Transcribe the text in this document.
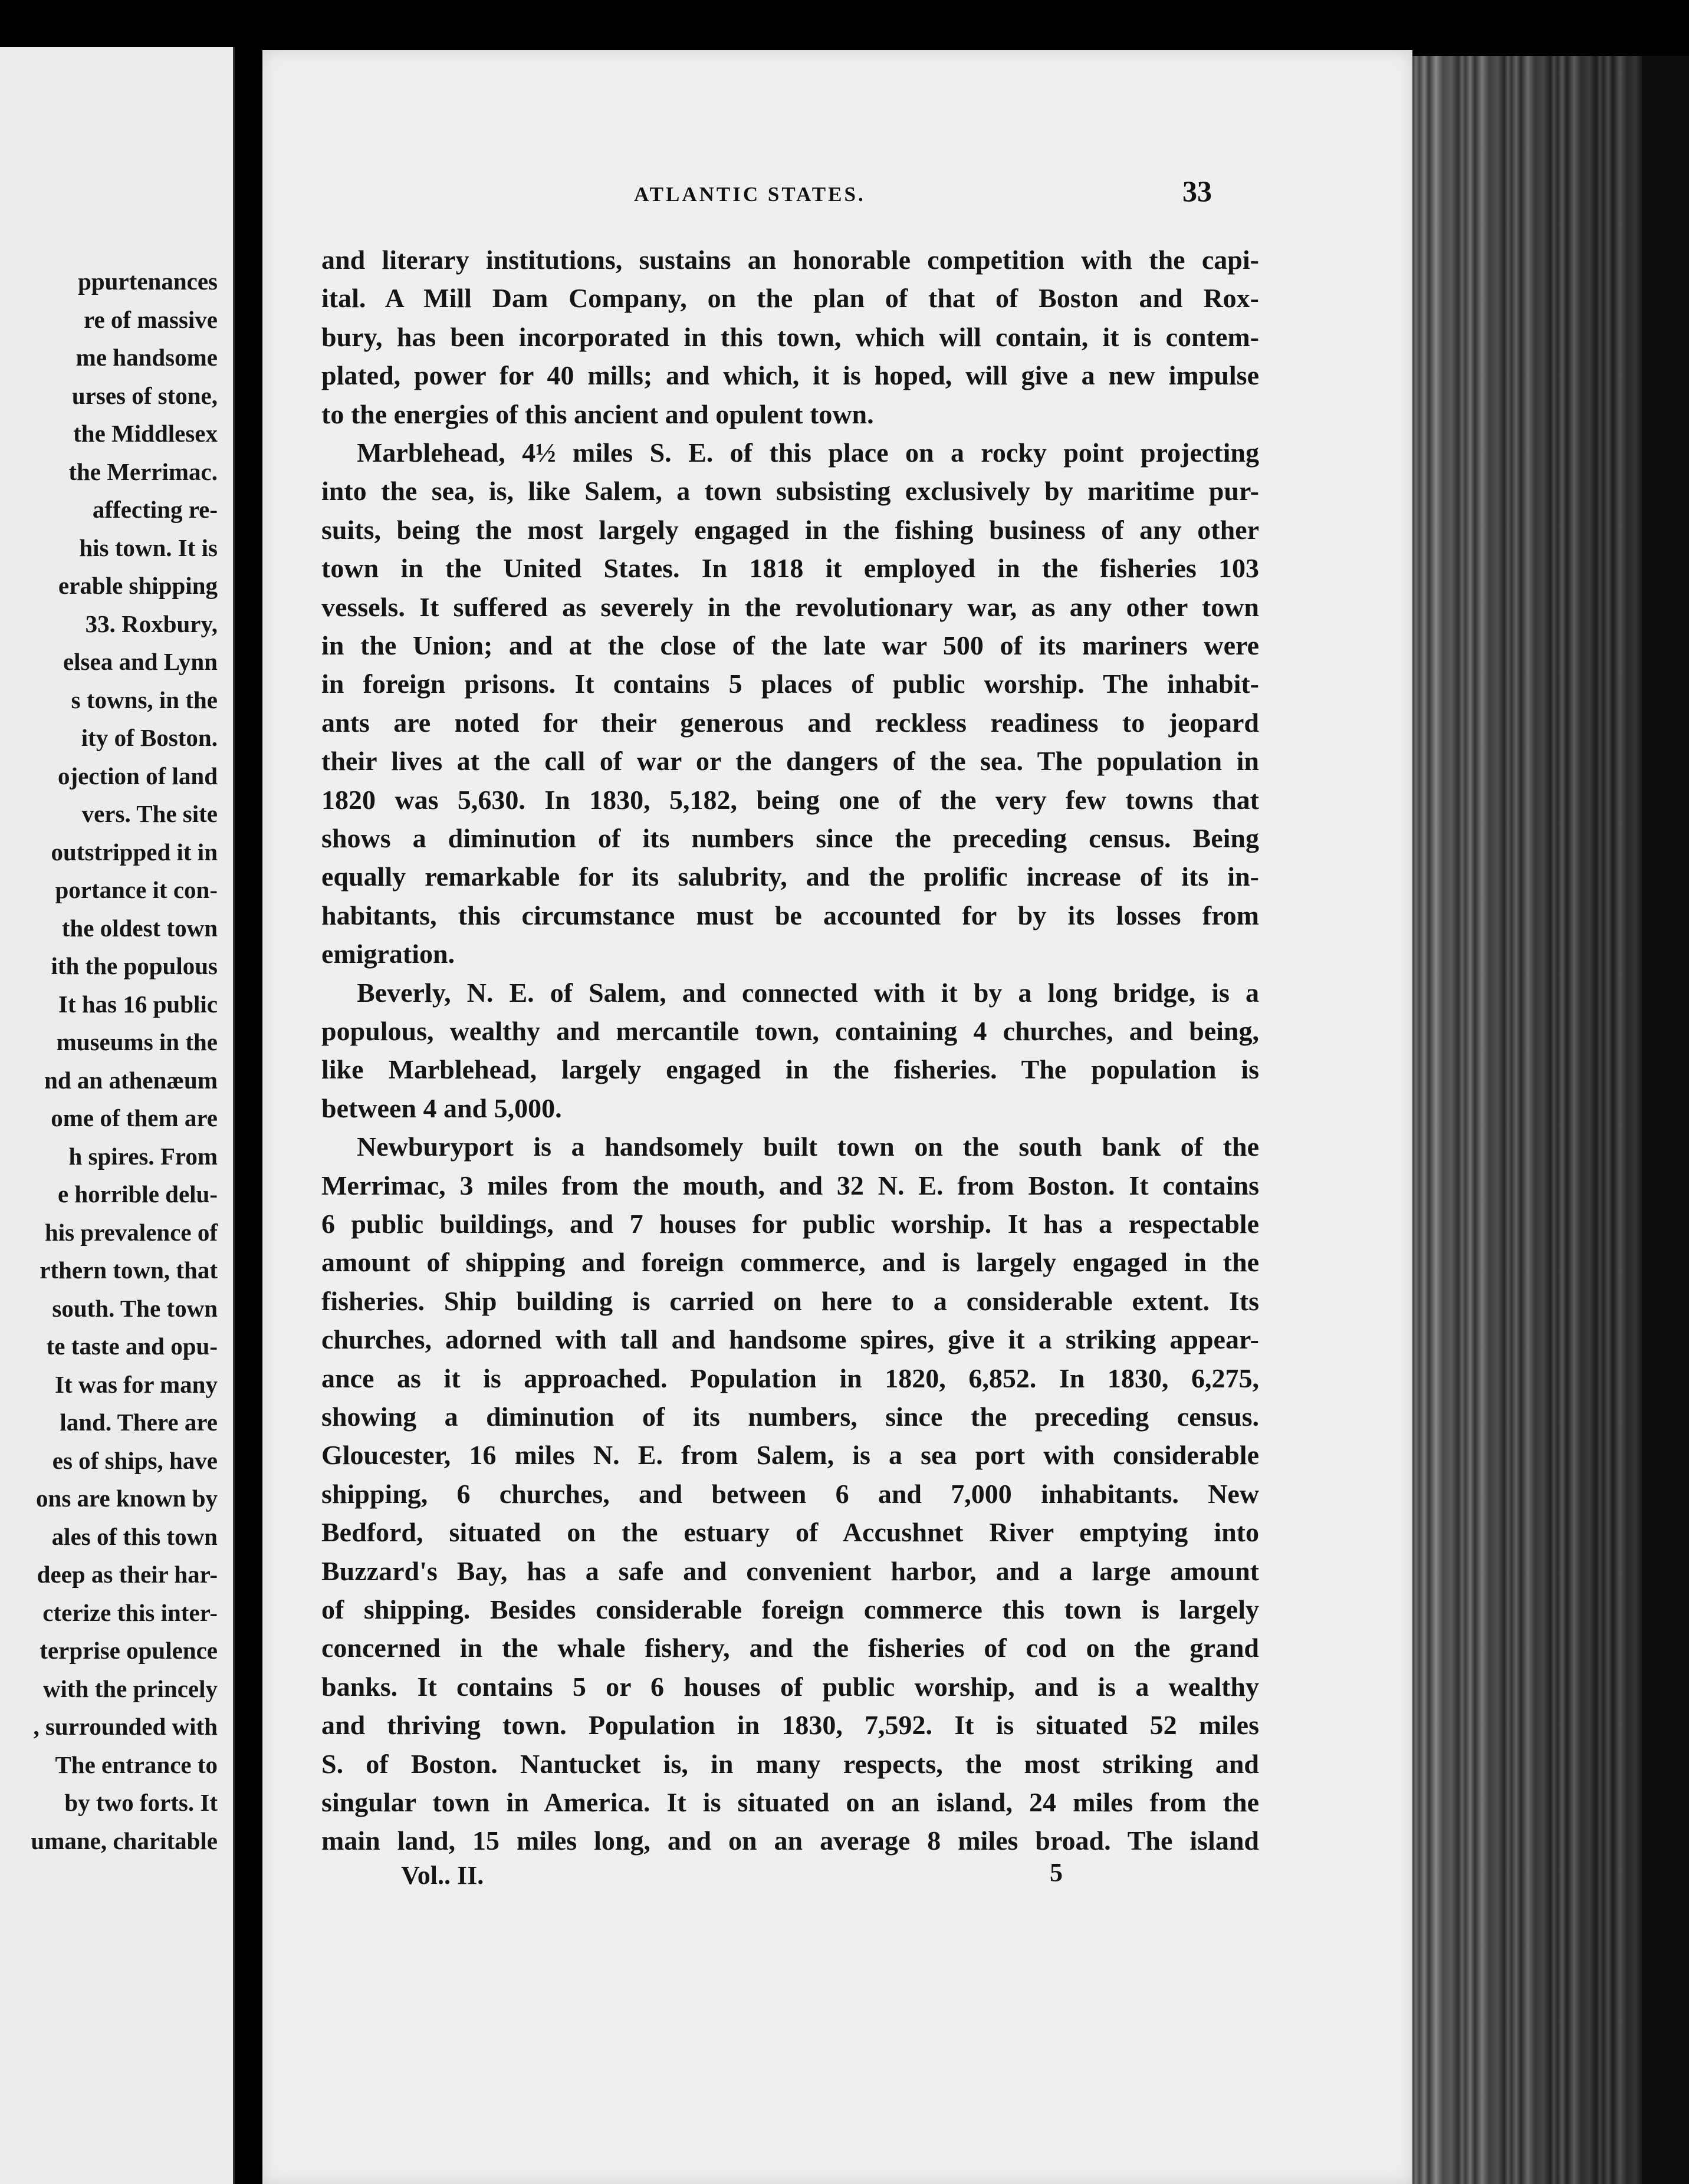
ppurtenances
re of massive
me handsome
urses of stone,
the Middlesex
the Merrimac.
affecting re-
his town. It is
erable shipping
33. Roxbury,
elsea and Lynn
s towns, in the
ity of Boston.
ojection of land
vers. The site
outstripped it in
portance it con-
the oldest town
ith the populous
It has 16 public
museums in the
nd an athenæum
ome of them are
h spires. From
e horrible delu-
his prevalence of
rthern town, that
south. The town
te taste and opu-
It was for many
land. There are
es of ships, have
ons are known by
ales of this town
deep as their har-
cterize this inter-
terprise opulence
with the princely
, surrounded with
The entrance to
by two forts. It
umane, charitable
ATLANTIC STATES.	33
and literary institutions, sustains an honorable competition with the capi-
ital. A Mill Dam Company, on the plan of that of Boston and Rox-
bury, has been incorporated in this town, which will contain, it is contem-
plated, power for 40 mills; and which, it is hoped, will give a new impulse
to the energies of this ancient and opulent town.
Marblehead, 4½ miles S. E. of this place on a rocky point projecting
into the sea, is, like Salem, a town subsisting exclusively by maritime pur-
suits, being the most largely engaged in the fishing business of any other
town in the United States. In 1818 it employed in the fisheries 103
vessels. It suffered as severely in the revolutionary war, as any other town
in the Union; and at the close of the late war 500 of its mariners were
in foreign prisons. It contains 5 places of public worship. The inhabit-
ants are noted for their generous and reckless readiness to jeopard
their lives at the call of war or the dangers of the sea. The population in
1820 was 5,630. In 1830, 5,182, being one of the very few towns that
shows a diminution of its numbers since the preceding census. Being
equally remarkable for its salubrity, and the prolific increase of its in-
habitants, this circumstance must be accounted for by its losses from
emigration.
Beverly, N. E. of Salem, and connected with it by a long bridge, is a
populous, wealthy and mercantile town, containing 4 churches, and being,
like Marblehead, largely engaged in the fisheries. The population is
between 4 and 5,000.
Newburyport is a handsomely built town on the south bank of the
Merrimac, 3 miles from the mouth, and 32 N. E. from Boston. It contains
6 public buildings, and 7 houses for public worship. It has a respectable
amount of shipping and foreign commerce, and is largely engaged in the
fisheries. Ship building is carried on here to a considerable extent. Its
churches, adorned with tall and handsome spires, give it a striking appear-
ance as it is approached. Population in 1820, 6,852. In 1830, 6,275,
showing a diminution of its numbers, since the preceding census.
Gloucester, 16 miles N. E. from Salem, is a sea port with considerable
shipping, 6 churches, and between 6 and 7,000 inhabitants. New
Bedford, situated on the estuary of Accushnet River emptying into
Buzzard's Bay, has a safe and convenient harbor, and a large amount
of shipping. Besides considerable foreign commerce this town is largely
concerned in the whale fishery, and the fisheries of cod on the grand
banks. It contains 5 or 6 houses of public worship, and is a wealthy
and thriving town. Population in 1830, 7,592. It is situated 52 miles
S. of Boston. Nantucket is, in many respects, the most striking and
singular town in America. It is situated on an island, 24 miles from the
main land, 15 miles long, and on an average 8 miles broad. The island
Vol.. II.	5
